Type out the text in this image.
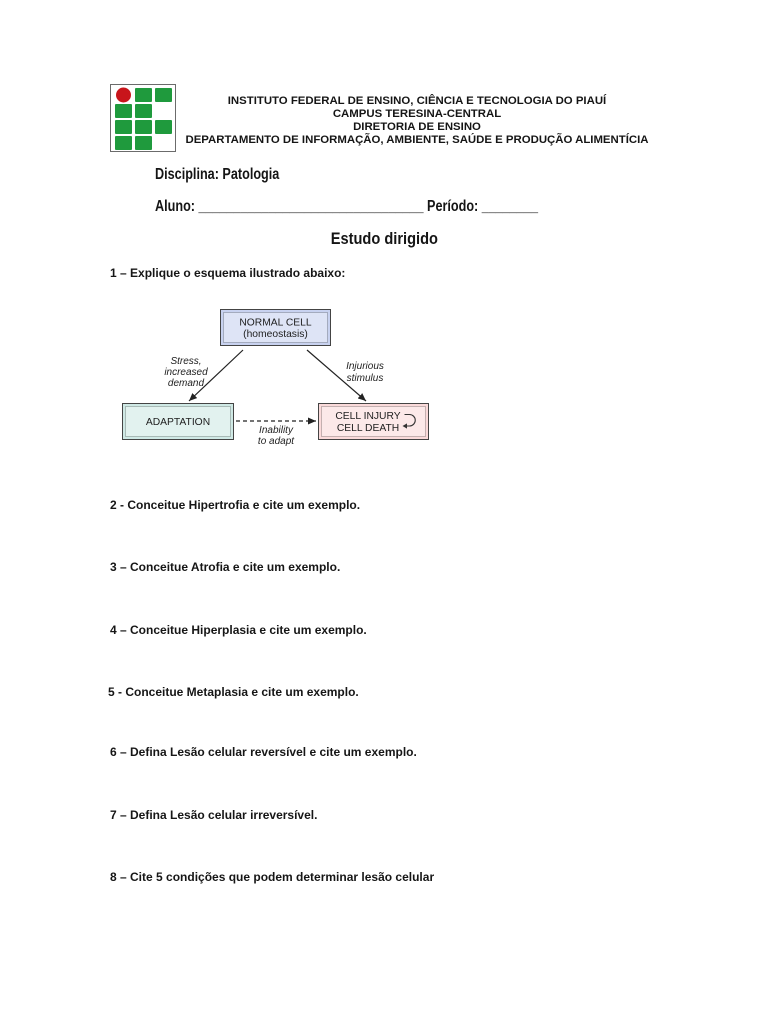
INSTITUTO FEDERAL DE ENSINO, CIÊNCIA E TECNOLOGIA DO PIAUÍ
CAMPUS TERESINA-CENTRAL
DIRETORIA DE ENSINO
DEPARTAMENTO DE INFORMAÇÃO, AMBIENTE, SAÚDE E PRODUÇÃO ALIMENTÍCIA
Disciplina: Patologia
Aluno: ________________________________ Período: ________
Estudo dirigido
1 – Explique o esquema ilustrado abaixo:
NORMAL CELL
(homeostasis)
ADAPTATION
CELL INJURY
CELL DEATH
Stress,
increased
demand
Injurious
stimulus
Inability
to adapt
2 - Conceitue Hipertrofia e cite um exemplo.
3 – Conceitue Atrofia e cite um exemplo.
4 – Conceitue Hiperplasia e cite um exemplo.
5 - Conceitue Metaplasia e cite um exemplo.
6 – Defina Lesão celular reversível e cite um exemplo.
7 – Defina Lesão celular irreversível.
8 – Cite 5 condições que podem determinar lesão celular
